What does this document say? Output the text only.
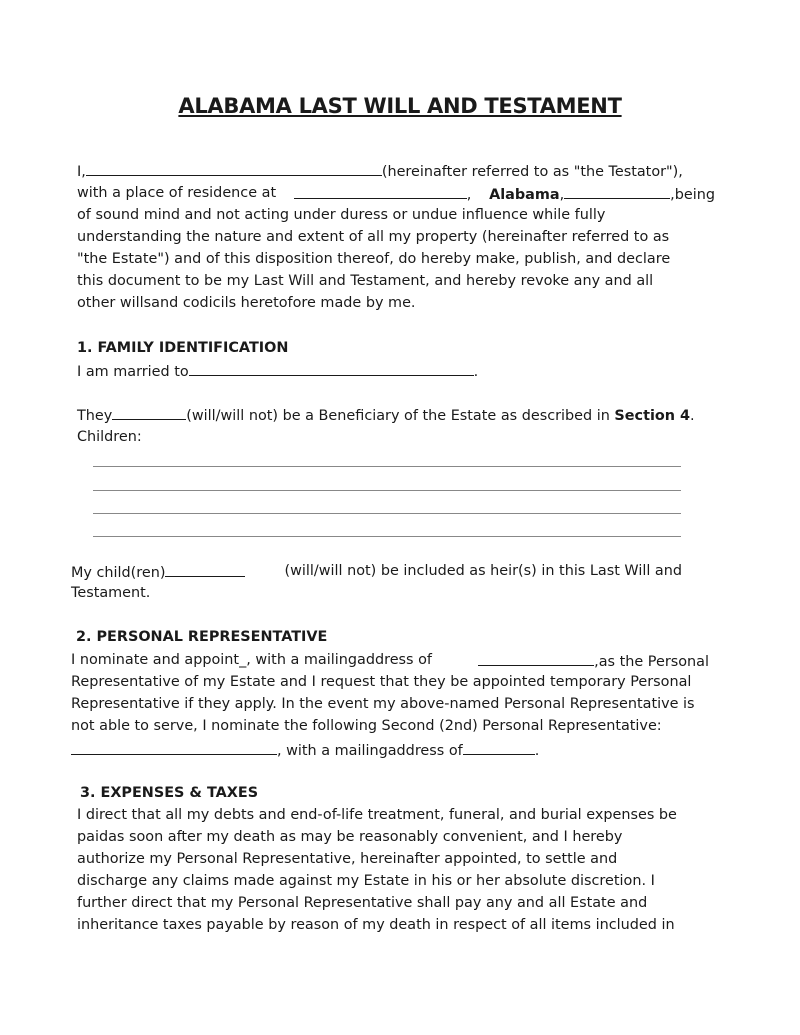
ALABAMA LAST WILL AND TESTAMENT
I,	(hereinafter referred to as "the Testator"),
with a place of residence at	, Alabama,	,being
of sound mind and not acting under duress or undue influence while fully
understanding the nature and extent of all my property (hereinafter referred to as
"the Estate") and of this disposition thereof, do hereby make, publish, and declare
this document to be my Last Will and Testament, and hereby revoke any and all
other willsand codicils heretofore made by me.
1. FAMILY IDENTIFICATION
I am married to	.
They	(will/will not) be a Beneficiary of the Estate as described in Section 4.
Children:
My child(ren)	(will/will not) be included as heir(s) in this Last Will and
Testament.
2. PERSONAL REPRESENTATIVE
I nominate and appoint_, with a mailingaddress of	,as the Personal
Representative of my Estate and I request that they be appointed temporary Personal
Representative if they apply. In the event my above-named Personal Representative is
not able to serve, I nominate the following Second (2nd) Personal Representative:
, with a mailingaddress of	.
3. EXPENSES & TAXES
I direct that all my debts and end-of-life treatment, funeral, and burial expenses be
paidas soon after my death as may be reasonably convenient, and I hereby
authorize my Personal Representative, hereinafter appointed, to settle and
discharge any claims made against my Estate in his or her absolute discretion. I
further direct that my Personal Representative shall pay any and all Estate and
inheritance taxes payable by reason of my death in respect of all items included in
